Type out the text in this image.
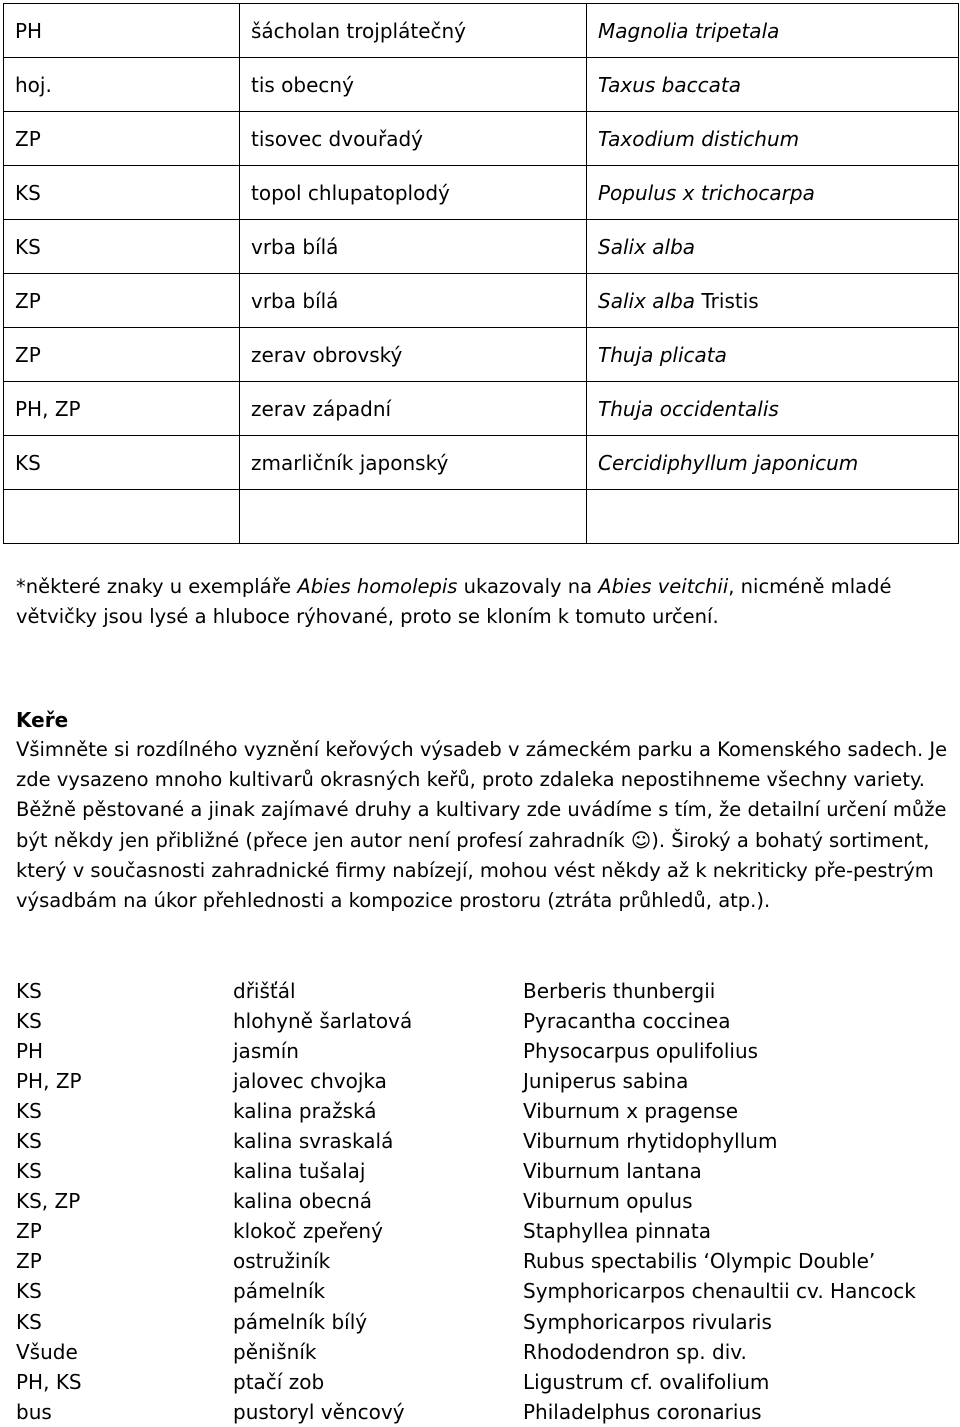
PH	šácholan trojplátečný	Magnolia tripetala
hoj.	tis obecný	Taxus baccata
ZP	tisovec dvouřadý	Taxodium distichum
KS	topol chlupatoplodý	Populus x trichocarpa
KS	vrba bílá	Salix alba
ZP	vrba bílá	Salix alba Tristis
ZP	zerav obrovský	Thuja plicata
PH, ZP	zerav západní	Thuja occidentalis
KS	zmarličník japonský	Cercidiphyllum japonicum

*některé znaky u exempláře Abies homolepis ukazovaly na Abies veitchii, nicméně mladé větvičky jsou lysé a hluboce rýhované, proto se kloním k tomuto určení.
Keře
Všimněte si rozdílného vyznění keřových výsadeb v zámeckém parku a Komenského sadech. Je zde vysazeno mnoho kultivarů okrasných keřů, proto zdaleka nepostihneme všechny variety. Běžně pěstované a jinak zajímavé druhy a kultivary zde uvádíme s tím, že detailní určení může být někdy jen přibližné (přece jen autor není profesí zahradník ☺). Široký a bohatý sortiment, který v současnosti zahradnické firmy nabízejí, mohou vést někdy až k nekriticky pře-pestrým výsadbám na úkor přehlednosti a kompozice prostoru (ztráta průhledů, atp.).
KS	dřišťál	Berberis thunbergii
KS	hlohyně šarlatová	Pyracantha coccinea
PH	jasmín	Physocarpus opulifolius
PH, ZP	jalovec chvojka	Juniperus sabina
KS	kalina pražská	Viburnum x pragense
KS	kalina svraskalá	Viburnum rhytidophyllum
KS	kalina tušalaj	Viburnum lantana
KS, ZP	kalina obecná	Viburnum opulus
ZP	klokoč zpeřený	Staphyllea pinnata
ZP	ostružiník	Rubus spectabilis ‘Olympic Double’
KS	pámelník	Symphoricarpos chenaultii cv. Hancock
KS	pámelník bílý	Symphoricarpos rivularis
Všude	pěnišník	Rhododendron sp. div.
PH, KS	ptačí zob	Ligustrum cf. ovalifolium
bus	pustoryl věncový	Philadelphus coronarius
